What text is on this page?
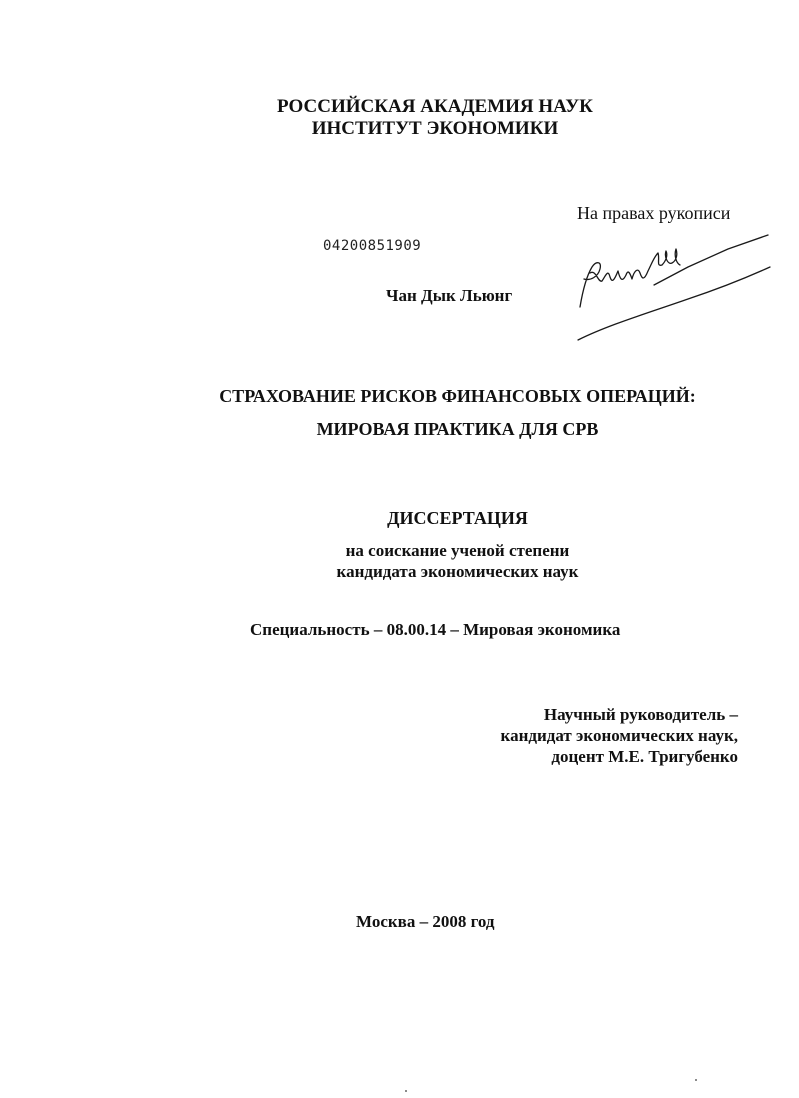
РОССИЙСКАЯ АКАДЕМИЯ НАУК
ИНСТИТУТ ЭКОНОМИКИ
На правах рукописи
04200851909
Чан Дык Льюнг
СТРАХОВАНИЕ РИСКОВ ФИНАНСОВЫХ ОПЕРАЦИЙ:
МИРОВАЯ ПРАКТИКА ДЛЯ СРВ
ДИССЕРТАЦИЯ
на соискание ученой степени
кандидата экономических наук
Специальность – 08.00.14 – Мировая экономика
Научный руководитель –
кандидат экономических наук,
доцент М.Е. Тригубенко
Москва – 2008 год
